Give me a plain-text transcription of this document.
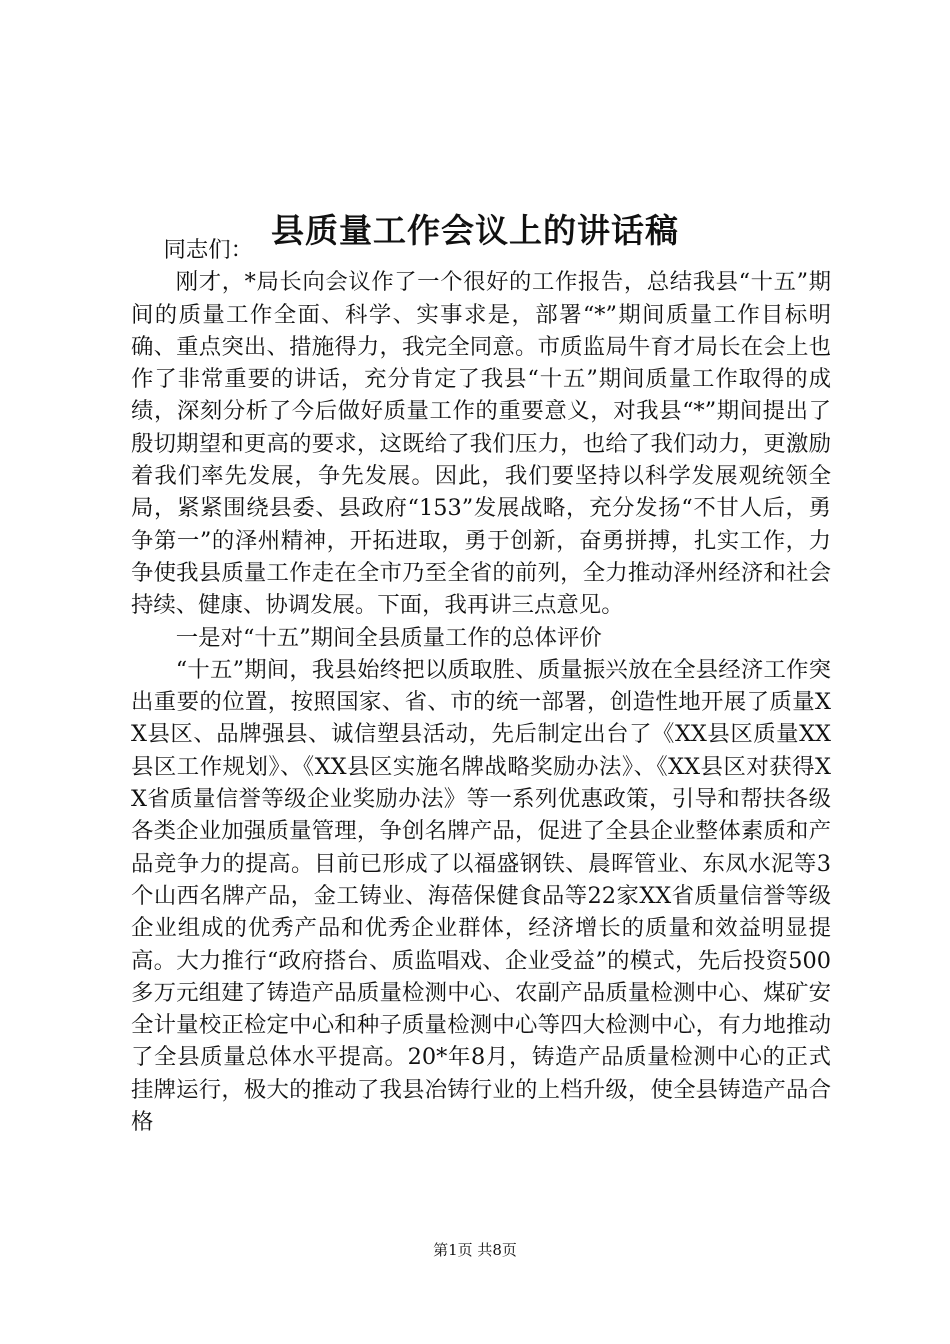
县质量工作会议上的讲话稿

同志们：

刚才，*局长向会议作了一个很好的工作报告，总结我县“十五”期间的质量工作全面、科学、实事求是，部署“*”期间质量工作目标明确、重点突出、措施得力，我完全同意。市质监局牛育才局长在会上也作了非常重要的讲话，充分肯定了我县“十五”期间质量工作取得的成绩，深刻分析了今后做好质量工作的重要意义，对我县“*”期间提出了殷切期望和更高的要求，这既给了我们压力，也给了我们动力，更激励着我们率先发展，争先发展。因此，我们要坚持以科学发展观统领全局，紧紧围绕县委、县政府“153”发展战略，充分发扬“不甘人后，勇争第一”的泽州精神，开拓进取，勇于创新，奋勇拼搏，扎实工作，力争使我县质量工作走在全市乃至全省的前列，全力推动泽州经济和社会持续、健康、协调发展。下面，我再讲三点意见。

一是对“十五”期间全县质量工作的总体评价

“十五”期间，我县始终把以质取胜、质量振兴放在全县经济工作突出重要的位置，按照国家、省、市的统一部署，创造性地开展了质量XX县区、品牌强县、诚信塑县活动，先后制定出台了《XX县区质量XX县区工作规划》、《XX县区实施名牌战略奖励办法》、《XX县区对获得XX省质量信誉等级企业奖励办法》等一系列优惠政策，引导和帮扶各级各类企业加强质量管理，争创名牌产品，促进了全县企业整体素质和产品竞争力的提高。目前已形成了以福盛钢铁、晨晖管业、东凤水泥等3个山西名牌产品，金工铸业、海蓓保健食品等22家XX省质量信誉等级企业组成的优秀产品和优秀企业群体，经济增长的质量和效益明显提高。大力推行“政府搭台、质监唱戏、企业受益”的模式，先后投资500多万元组建了铸造产品质量检测中心、农副产品质量检测中心、煤矿安全计量校正检定中心和种子质量检测中心等四大检测中心，有力地推动了全县质量总体水平提高。20*年8月，铸造产品质量检测中心的正式挂牌运行，极大的推动了我县冶铸行业的上档升级，使全县铸造产品合格

第1页 共8页
